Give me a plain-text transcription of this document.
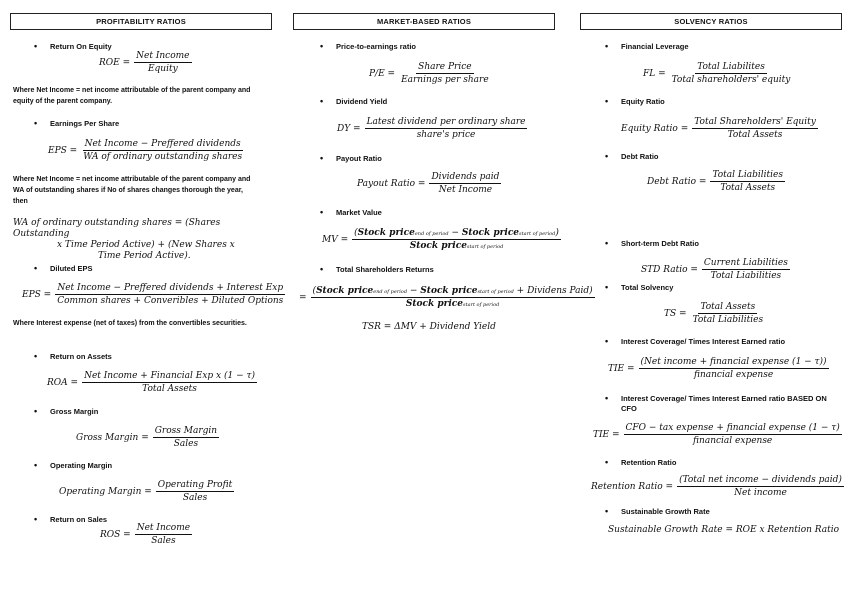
PROFITABILITY RATIOS
• Return On Equity
ROE = $\frac{\text{Net Income}}{\text{Equity}}$
Where Net Income = net income attributable of the parent company and equity of the parent company.
• Earnings Per Share
EPS = $\frac{\text{Net Income − Preffered dividends}}{\text{WA of ordinary outstanding shares}}$
Where Net Income = net income attributable of the parent company and WA of outstanding shares if No of shares changes thorough the year, then
WA of ordinary outstanding shares = (Shares Outstanding
x Time Period Active) + (New Shares x
Time Period Active).
• Diluted EPS
EPS = $\frac{\text{Net Income − Preffered dividends + Interest Exp}}{\text{Common shares + Converibles + Diluted Options}}$
Where Interest expense (net of taxes) from the convertibles securities.
• Return on Assets
ROA = $\frac{\text{Net Income + Financial Exp x (1 − τ)}}{\text{Total Assets}}$
• Gross Margin
Gross Margin = $\frac{\text{Gross Margin}}{\text{Sales}}$
• Operating Margin
Operating Margin = $\frac{\text{Operating Profit}}{\text{Sales}}$
• Return on Sales
ROS = $\frac{\text{Net Income}}{\text{Sales}}$
MARKET-BASED RATIOS
• Price-to-earnings ratio
$P/E = \frac{\text{Share Price}}{\text{Earnings per share}}$
• Dividend Yield
DY = $\frac{\text{Latest dividend per ordinary share}}{\text{share's price}}$
• Payout Ratio
Payout Ratio = $\frac{\text{Dividends paid}}{\text{Net Income}}$
• Market Value
MV = $\frac{\text{(Stock priceend of period − Stock pricestart of period)}}{\text{Stock pricestart of period}}$
• Total Shareholders Returns
=
(Stock priceend of period − Stock pricestart of period + Dividens Paid)
Stock pricestart of period
TSR = ΔMV + Dividend Yield
SOLVENCY RATIOS
• Financial Leverage
FL = $\frac{\text{Total Liabilites}}{\text{Total shareholders' equity}}$
• Equity Ratio
Equity Ratio = $\frac{\text{Total Shareholders' Equity}}{\text{Total Assets}}$
• Debt Ratio
Debt Ratio = $\frac{\text{Total Liabilities}}{\text{Total Assets}}$
• Short-term Debt Ratio
STD Ratio = $\frac{\text{Current Liabilities}}{\text{Total Liabilities}}$
• Total Solvency
TS = $\frac{\text{Total Assets}}{\text{Total Liabilities}}$
• Interest Coverage/ Times Interest Earned ratio
TIE = $\frac{\text{(Net income + financial expense (1 − τ))}}{\text{financial expense}}$
• Interest Coverage/ Times Interest Earned ratio BASED ON CFO
TIE = $\frac{\text{CFO − tax expense + financial expense (1 − τ)}}{\text{financial expense}}$
• Retention Ratio
Retention Ratio = $\frac{\text{(Total net income − dividends paid)}}{\text{Net income}}$
• Sustainable Growth Rate
Sustainable Growth Rate = ROE x Retention Ratio
